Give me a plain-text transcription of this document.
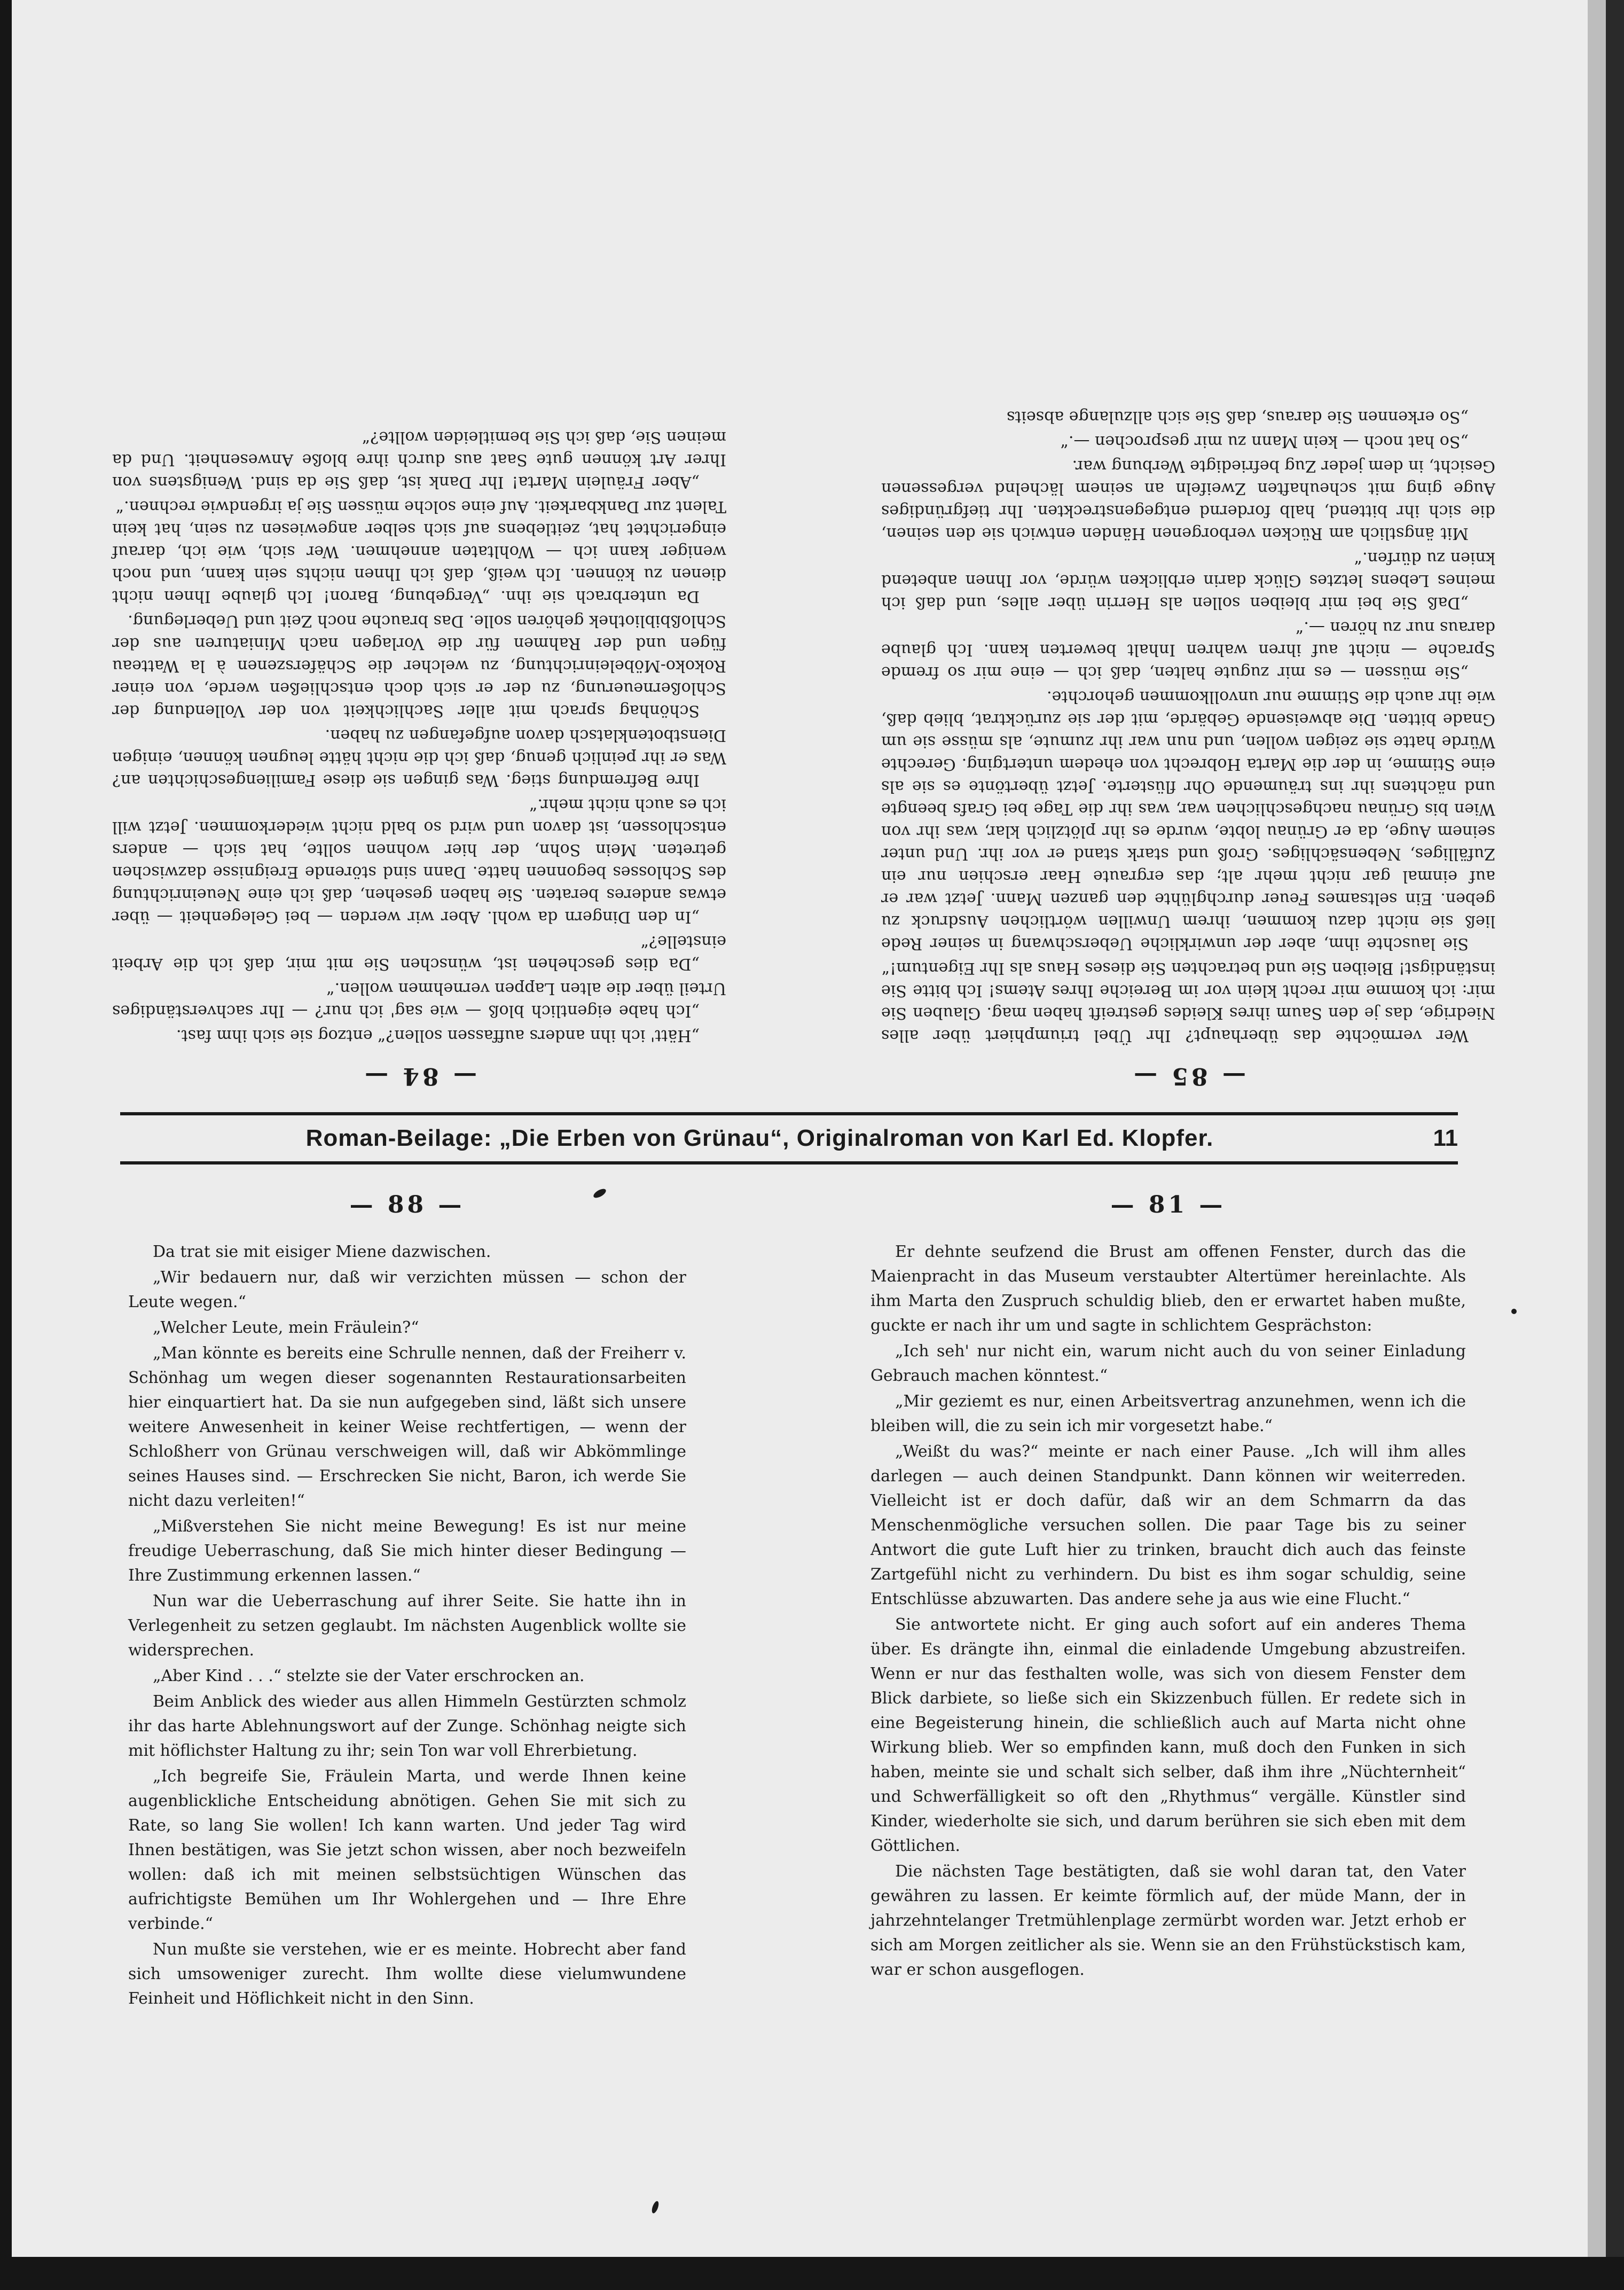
— 85 —

Wer vermöchte das überhaupt? Ihr Übel triumphiert über alles Niedrige, das je den Saum ihres Kleides gestreift haben mag. Glauben Sie mir: ich komme mir recht klein vor im Bereiche Ihres Atems! Ich bitte Sie inständigst! Bleiben Sie und betrachten Sie dieses Haus als Ihr Eigentum!“

Sie lauschte ihm, aber der unwirkliche Ueberschwang in seiner Rede ließ sie nicht dazu kommen, ihrem Unwillen wörtlichen Ausdruck zu geben. Ein seltsames Feuer durchglühte den ganzen Mann. Jetzt war er auf einmal gar nicht mehr alt; das ergraute Haar erschien nur ein Zufälliges, Nebensächliges. Groß und stark stand er vor ihr. Und unter seinem Auge, da er Grünau lobte, wurde es ihr plötzlich klar, was ihr von Wien bis Grünau nachgeschlichen war, was ihr die Tage bei Grafs beengte und nächtens ihr ins träumende Ohr flüsterte. Jetzt übertönte es sie als eine Stimme, in der die Marta Hobrecht von ehedem untertging. Gerechte Würde hatte sie zeigen wollen, und nun war ihr zumute, als müsse sie um Gnade bitten. Die abweisende Gebärde, mit der sie zurücktrat, blieb daß, wie ihr auch die Stimme nur unvollkommen gehorchte.

„Sie müssen — es mir zugute halten, daß ich — eine mir so fremde Sprache — nicht auf ihren wahren Inhalt bewerten kann. Ich glaube daraus nur zu hören —.“

„Daß Sie bei mir bleiben sollen als Herrin über alles, und daß ich meines Lebens letztes Glück darin erblicken würde, vor Ihnen anbetend knien zu dürfen.“

Mit ängstlich am Rücken verborgenen Händen entwich sie den seinen, die sich ihr bittend, halb fordernd entgegenstreckten. Ihr tiefgründiges Auge ging mit scheuhaften Zweifeln an seinem lächelnd vergessenen Gesicht, in dem jeder Zug befriedigte Werbung war.

„So hat noch — kein Mann zu mir gesprochen —.“

„So erkennen Sie daraus, daß Sie sich allzulange abseits

— 84 —

„Hätt' ich ihn anders auffassen sollen?“ entzog sie sich ihm fast.

„Ich habe eigentlich bloß — wie sag' ich nur? — Ihr sachverständiges Urteil über die alten Lappen vernehmen wollen.“

„Da dies geschehen ist, wünschen Sie mit mir, daß ich die Arbeit einstelle?“

„In den Dingern da wohl. Aber wir werden — bei Gelegenheit — über etwas anderes beraten. Sie haben gesehen, daß ich eine Neueinrichtung des Schlosses begonnen hatte. Dann sind störende Ereignisse dazwischen getreten. Mein Sohn, der hier wohnen sollte, hat sich — anders entschlossen, ist davon und wird so bald nicht wiederkommen. Jetzt will ich es auch nicht mehr.“

Ihre Befremdung stieg. Was gingen sie diese Familiengeschichten an? Was er ihr peinlich genug, daß ich die nicht hätte leugnen können, einigen Dienstbotenklatsch davon aufgefangen zu haben.

Schönhag sprach mit aller Sachlichkeit von der Vollendung der Schloßerneuerung, zu der er sich doch entschließen werde, von einer Rokoko-Möbeleinrichtung, zu welcher die Schäferszenen à la Watteau fügen und der Rahmen für die Vorlagen nach Miniaturen aus der Schloßbibliothek gehören solle. Das brauche noch Zeit und Ueberlegung.

Da unterbrach sie ihn. „Vergebung, Baron! Ich glaube Ihnen nicht dienen zu können. Ich weiß, daß ich Ihnen nichts sein kann, und noch weniger kann ich — Wohltaten annehmen. Wer sich, wie ich, darauf eingerichtet hat, zeitlebens auf sich selber angewiesen zu sein, hat kein Talent zur Dankbarkeit. Auf eine solche müssen Sie ja irgendwie rechnen.“

„Aber Fräulein Marta! Ihr Dank ist, daß Sie da sind. Wenigstens von Ihrer Art können gute Saat aus durch ihre bloße Anwesenheit. Und da meinen Sie, daß ich Sie bemitleiden wollte?“

Roman-Beilage: „Die Erben von Grünau“, Originalroman von Karl Ed. Klopfer.	11
— 88 —

Da trat sie mit eisiger Miene dazwischen.

„Wir bedauern nur, daß wir verzichten müssen — schon der Leute wegen.“

„Welcher Leute, mein Fräulein?“

„Man könnte es bereits eine Schrulle nennen, daß der Freiherr v. Schönhag um wegen dieser sogenannten Restaurationsarbeiten hier einquartiert hat. Da sie nun aufgegeben sind, läßt sich unsere weitere Anwesenheit in keiner Weise rechtfertigen, — wenn der Schloßherr von Grünau verschweigen will, daß wir Abkömmlinge seines Hauses sind. — Erschrecken Sie nicht, Baron, ich werde Sie nicht dazu verleiten!“

„Mißverstehen Sie nicht meine Bewegung! Es ist nur meine freudige Ueberraschung, daß Sie mich hinter dieser Bedingung — Ihre Zustimmung erkennen lassen.“

Nun war die Ueberraschung auf ihrer Seite. Sie hatte ihn in Verlegenheit zu setzen geglaubt. Im nächsten Augenblick wollte sie widersprechen.

„Aber Kind . . .“ stelzte sie der Vater erschrocken an.

Beim Anblick des wieder aus allen Himmeln Gestürzten schmolz ihr das harte Ablehnungswort auf der Zunge. Schönhag neigte sich mit höflichster Haltung zu ihr; sein Ton war voll Ehrerbietung.

„Ich begreife Sie, Fräulein Marta, und werde Ihnen keine augenblickliche Entscheidung abnötigen. Gehen Sie mit sich zu Rate, so lang Sie wollen! Ich kann warten. Und jeder Tag wird Ihnen bestätigen, was Sie jetzt schon wissen, aber noch bezweifeln wollen: daß ich mit meinen selbstsüchtigen Wünschen das aufrichtigste Bemühen um Ihr Wohlergehen und — Ihre Ehre verbinde.“

Nun mußte sie verstehen, wie er es meinte. Hobrecht aber fand sich umsoweniger zurecht. Ihm wollte diese vielumwundene Feinheit und Höflichkeit nicht in den Sinn.

— 81 —

Er dehnte seufzend die Brust am offenen Fenster, durch das die Maienpracht in das Museum verstaubter Altertümer hereinlachte. Als ihm Marta den Zuspruch schuldig blieb, den er erwartet haben mußte, guckte er nach ihr um und sagte in schlichtem Gesprächston:

„Ich seh' nur nicht ein, warum nicht auch du von seiner Einladung Gebrauch machen könntest.“

„Mir geziemt es nur, einen Arbeitsvertrag anzunehmen, wenn ich die bleiben will, die zu sein ich mir vorgesetzt habe.“

„Weißt du was?“ meinte er nach einer Pause. „Ich will ihm alles darlegen — auch deinen Standpunkt. Dann können wir weiterreden. Vielleicht ist er doch dafür, daß wir an dem Schmarrn da das Menschenmögliche versuchen sollen. Die paar Tage bis zu seiner Antwort die gute Luft hier zu trinken, braucht dich auch das feinste Zartgefühl nicht zu verhindern. Du bist es ihm sogar schuldig, seine Entschlüsse abzuwarten. Das andere sehe ja aus wie eine Flucht.“

Sie antwortete nicht. Er ging auch sofort auf ein anderes Thema über. Es drängte ihn, einmal die einladende Umgebung abzustreifen. Wenn er nur das festhalten wolle, was sich von diesem Fenster dem Blick darbiete, so ließe sich ein Skizzenbuch füllen. Er redete sich in eine Begeisterung hinein, die schließlich auch auf Marta nicht ohne Wirkung blieb. Wer so empfinden kann, muß doch den Funken in sich haben, meinte sie und schalt sich selber, daß ihm ihre „Nüchternheit“ und Schwerfälligkeit so oft den „Rhythmus“ vergälle. Künstler sind Kinder, wiederholte sie sich, und darum berühren sie sich eben mit dem Göttlichen.

Die nächsten Tage bestätigten, daß sie wohl daran tat, den Vater gewähren zu lassen. Er keimte förmlich auf, der müde Mann, der in jahrzehntelanger Tretmühlenplage zermürbt worden war. Jetzt erhob er sich am Morgen zeitlicher als sie. Wenn sie an den Frühstückstisch kam, war er schon ausgeflogen.
